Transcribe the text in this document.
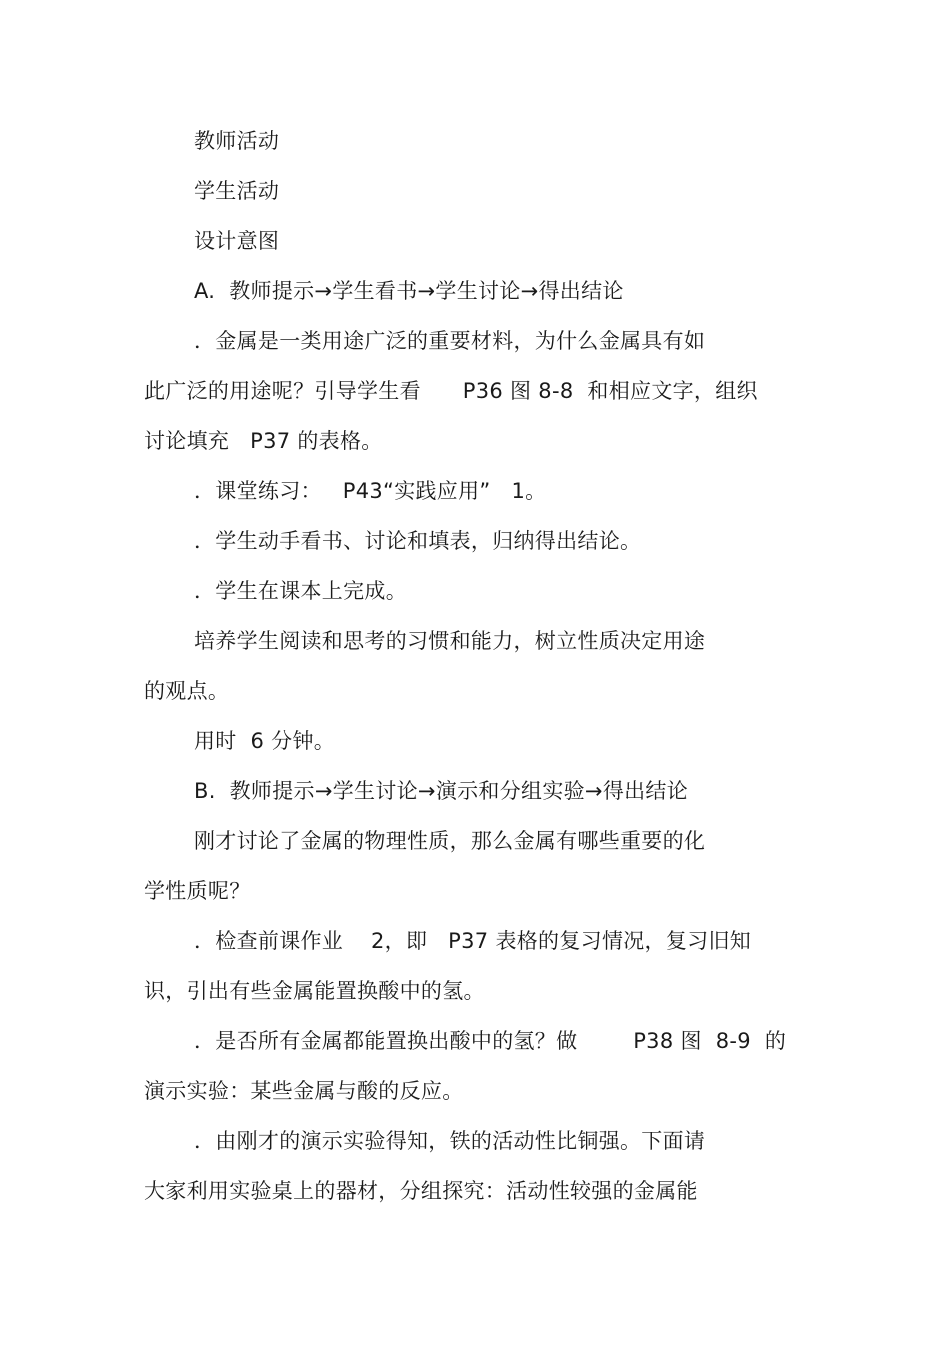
教师活动
学生活动
设计意图
A.  教师提示→学生看书→学生讨论→得出结论
．金属是一类用途广泛的重要材料，为什么金属具有如
此广泛的用途呢？引导学生看      P36 图 8-8  和相应文字，组织
讨论填充   P37 的表格。
．课堂练习：   P43“实践应用”   1。
．学生动手看书、讨论和填表，归纳得出结论。
．学生在课本上完成。
培养学生阅读和思考的习惯和能力，树立性质决定用途
的观点。
用时  6 分钟。
B.  教师提示→学生讨论→演示和分组实验→得出结论
刚才讨论了金属的物理性质，那么金属有哪些重要的化
学性质呢？
．检查前课作业    2，即   P37 表格的复习情况，复习旧知
识，引出有些金属能置换酸中的氢。
．是否所有金属都能置换出酸中的氢？做        P38 图  8-9  的
演示实验：某些金属与酸的反应。
．由刚才的演示实验得知，铁的活动性比铜强。下面请
大家利用实验桌上的器材，分组探究：活动性较强的金属能
